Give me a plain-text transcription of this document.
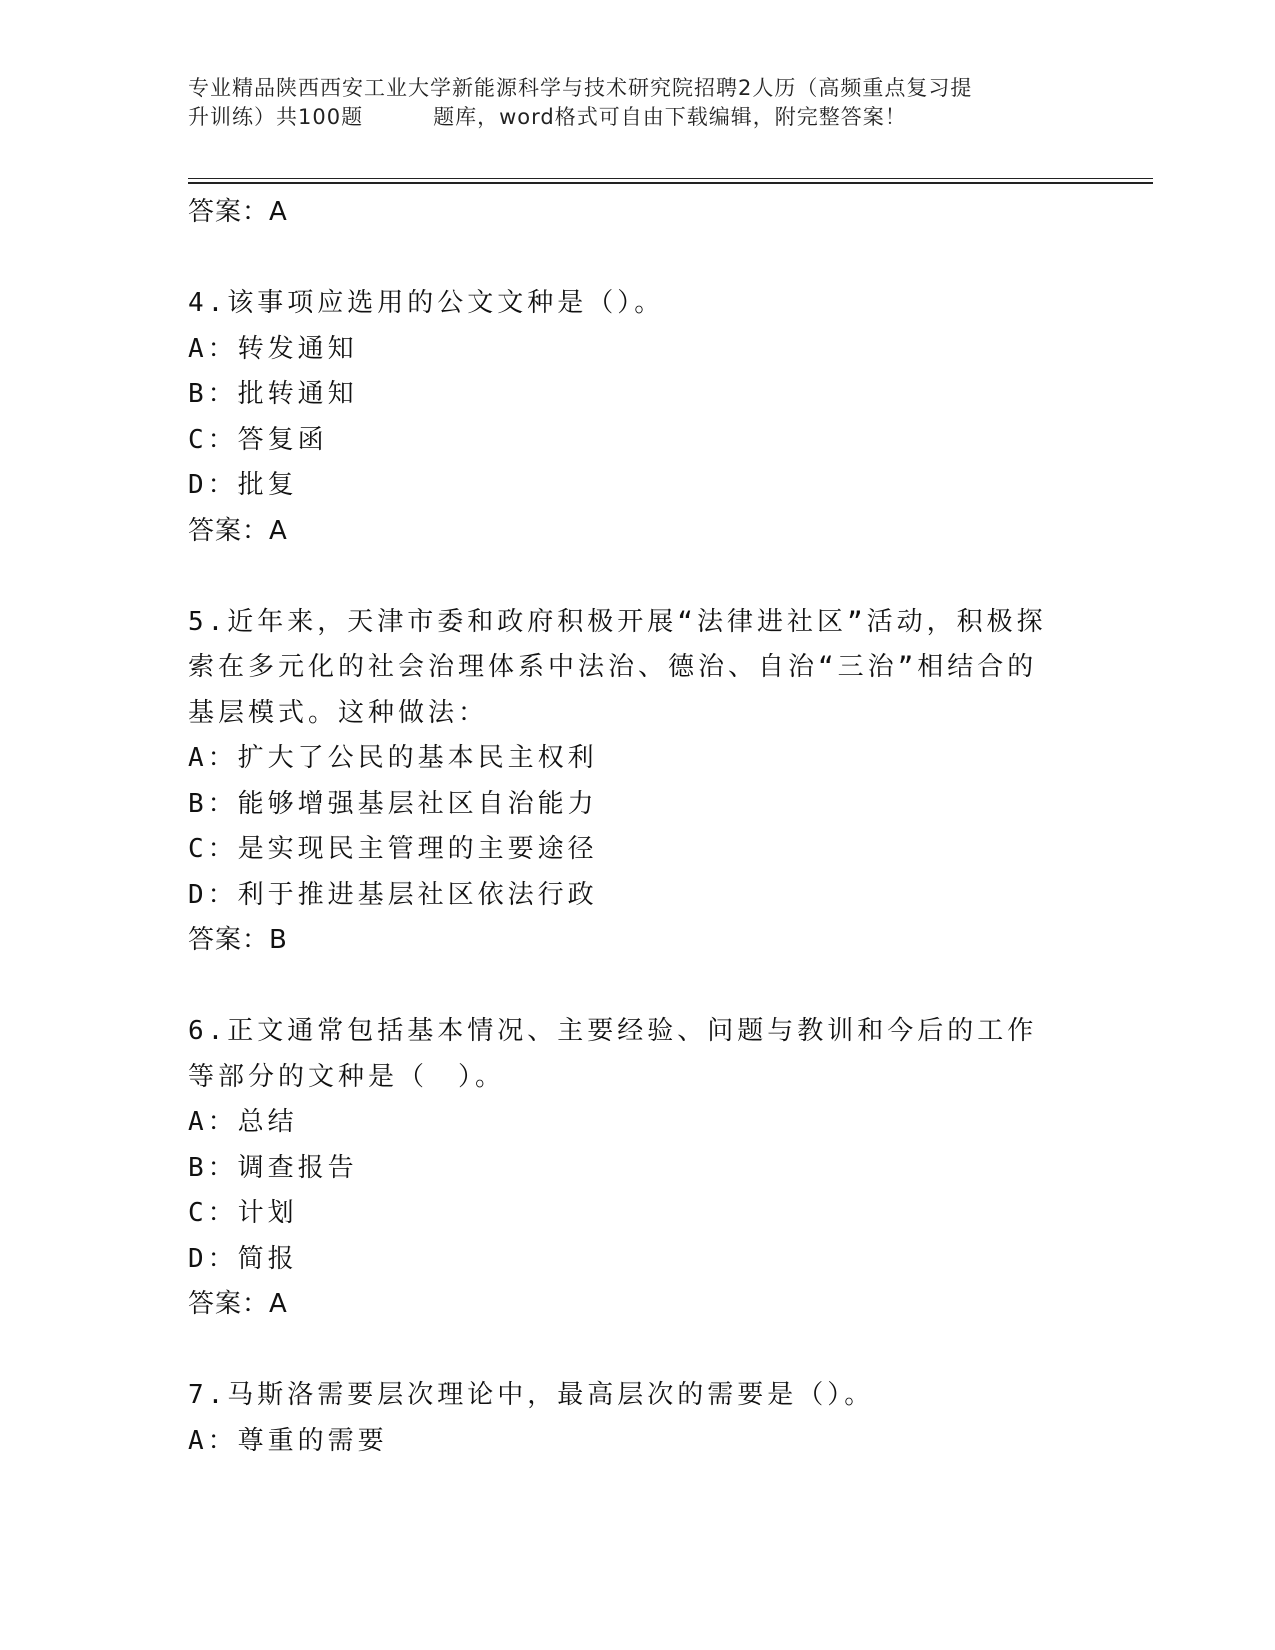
专业精品陕西西安工业大学新能源科学与技术研究院招聘2人历（高频重点复习提
升训练）共100题	题库，word格式可自由下载编辑，附完整答案！
答案：A
4.该事项应选用的公文文种是（）。
A：转发通知
B：批转通知
C：答复函
D：批复
答案：A
5.近年来，天津市委和政府积极开展“法律进社区”活动，积极探索在多元化的社会治理体系中法治、德治、自治“三治”相结合的基层模式。这种做法：
A：扩大了公民的基本民主权利
B：能够增强基层社区自治能力
C：是实现民主管理的主要途径
D：利于推进基层社区依法行政
答案：B
6.正文通常包括基本情况、主要经验、问题与教训和今后的工作等部分的文种是（　）。
A：总结
B：调查报告
C：计划
D：简报
答案：A
7.马斯洛需要层次理论中，最高层次的需要是（）。
A：尊重的需要
